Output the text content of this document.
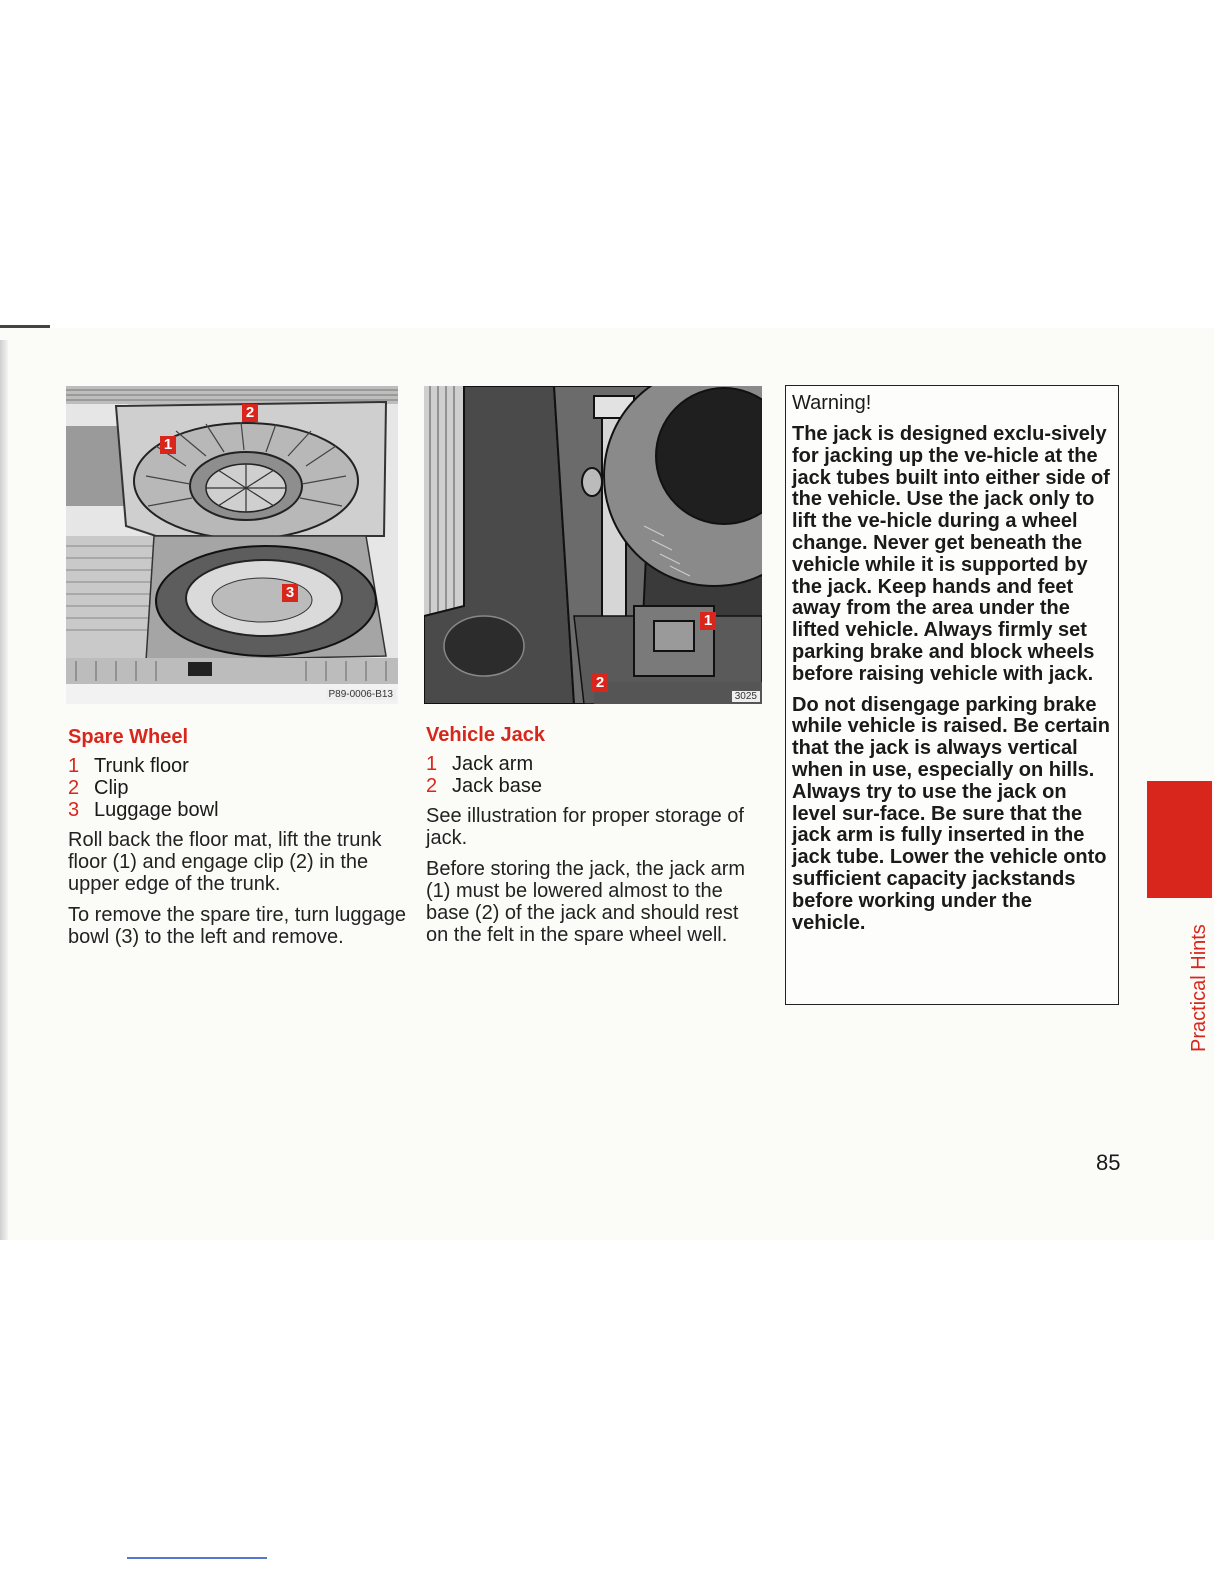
1
2
3
P89-0006-B13
1
2
3025
Spare Wheel
1 Trunk floor
2 Clip
3 Luggage bowl

Roll back the floor mat, lift the trunk floor (1) and engage clip (2) in the upper edge of the trunk.

To remove the spare tire, turn luggage bowl (3) to the left and remove.

Vehicle Jack
1 Jack arm
2 Jack base

See illustration for proper storage of jack.

Before storing the jack, the jack arm (1) must be lowered almost to the base (2) of the jack and should rest on the felt in the spare wheel well.

Warning!

The jack is designed exclu-sively for jacking up the ve-hicle at the jack tubes built into either side of the vehicle. Use the jack only to lift the ve-hicle during a wheel change. Never get beneath the vehicle while it is supported by the jack. Keep hands and feet away from the area under the lifted vehicle. Always firmly set parking brake and block wheels before raising vehicle with jack.

Do not disengage parking brake while vehicle is raised. Be certain that the jack is always vertical when in use, especially on hills. Always try to use the jack on level sur-face. Be sure that the jack arm is fully inserted in the jack tube. Lower the vehicle onto sufficient capacity jackstands before working under the vehicle.

Practical Hints
85
